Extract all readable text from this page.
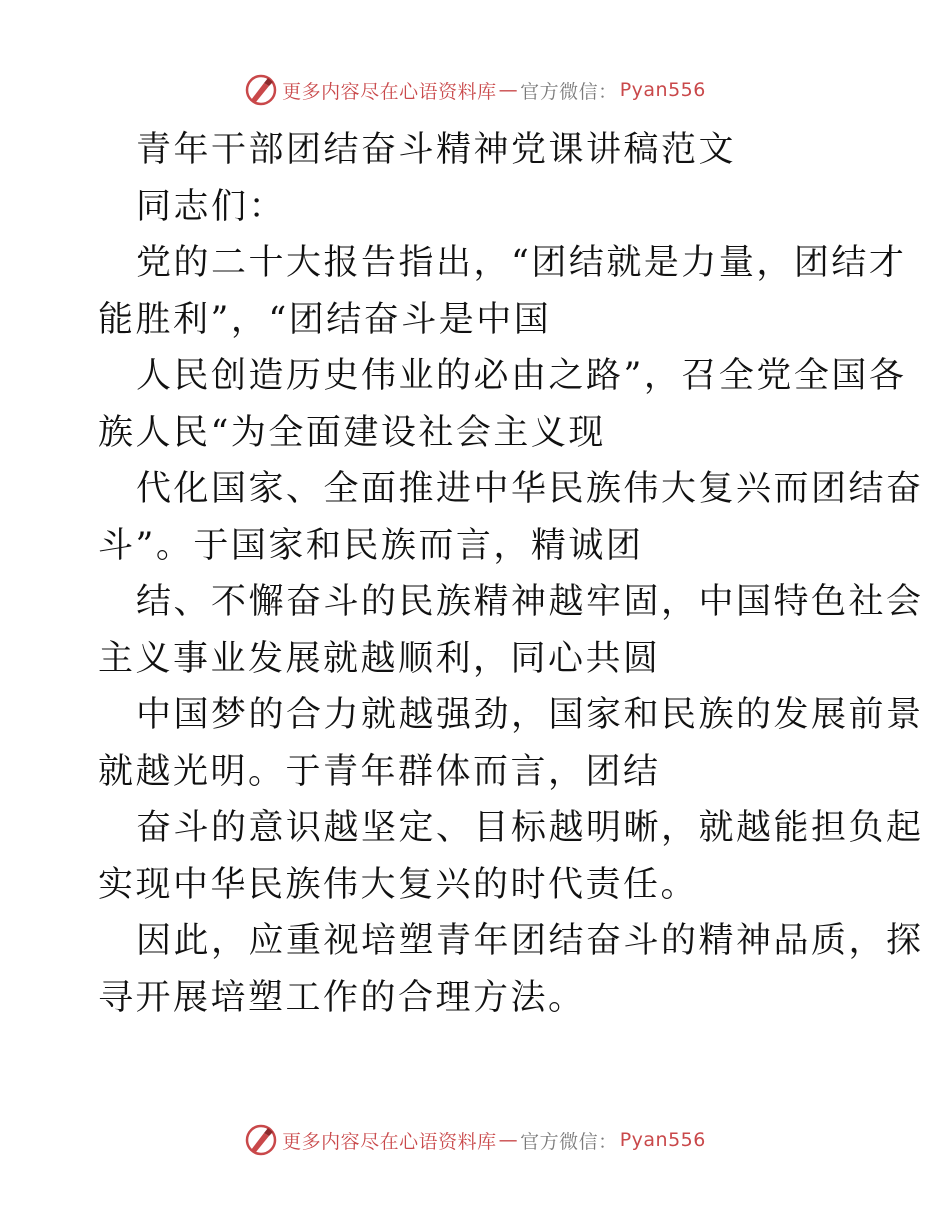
更多内容尽在心语资料库 — 官方微信： Pyan556
青年干部团结奋斗精神党课讲稿范文
同志们：
党的二十大报告指出，“团结就是力量，团结才
能胜利”，“团结奋斗是中国
人民创造历史伟业的必由之路”，召全党全国各
族人民“为全面建设社会主义现
代化国家、全面推进中华民族伟大复兴而团结奋
斗”。于国家和民族而言，精诚团
结、不懈奋斗的民族精神越牢固，中国特色社会
主义事业发展就越顺利，同心共圆
中国梦的合力就越强劲，国家和民族的发展前景
就越光明。于青年群体而言，团结
奋斗的意识越坚定、目标越明晰，就越能担负起
实现中华民族伟大复兴的时代责任。
因此，应重视培塑青年团结奋斗的精神品质，探
寻开展培塑工作的合理方法。
更多内容尽在心语资料库 — 官方微信： Pyan556
